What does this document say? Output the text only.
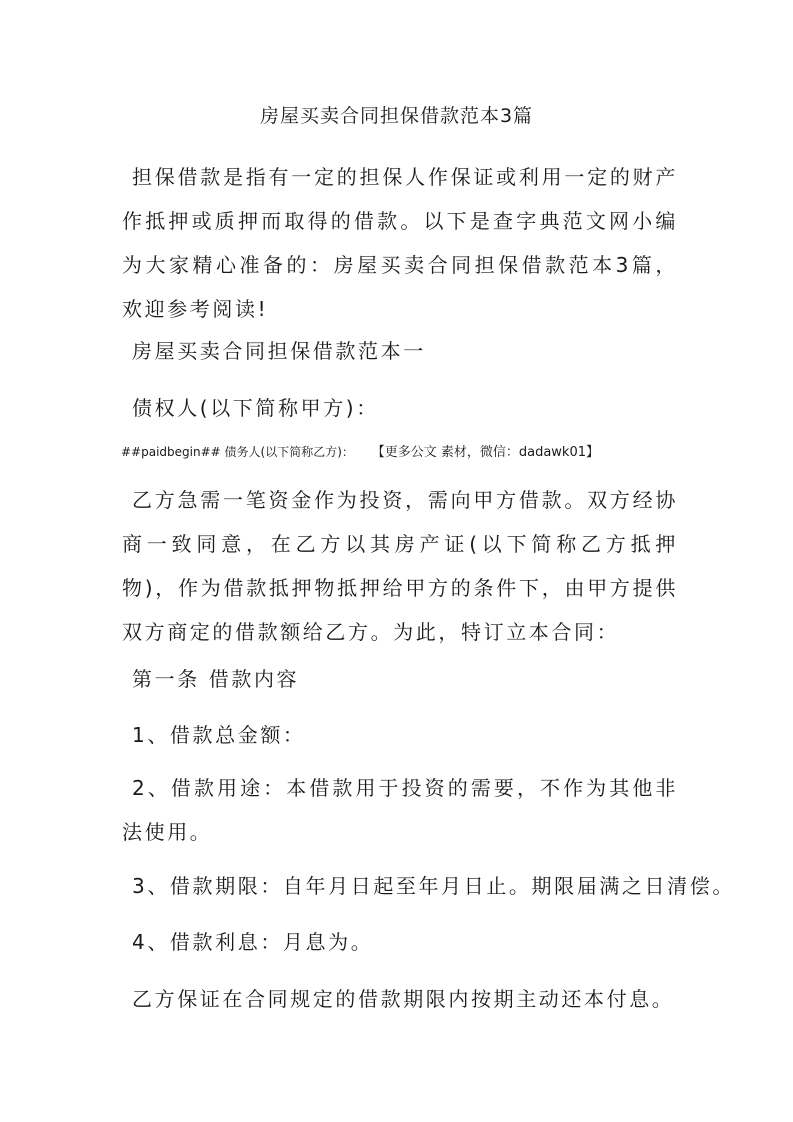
房屋买卖合同担保借款范本3篇

担保借款是指有一定的担保人作保证或利用一定的财产作抵押或质押而取得的借款。以下是查字典范文网小编为大家精心准备的：房屋买卖合同担保借款范本3篇，欢迎参考阅读!

房屋买卖合同担保借款范本一
债权人(以下简称甲方)：
##paidbegin## 债务人(以下简称乙方)： 【更多公文 素材，微信：dadawk01】

乙方急需一笔资金作为投资，需向甲方借款。双方经协商一致同意，在乙方以其房产证(以下简称乙方抵押物)，作为借款抵押物抵押给甲方的条件下，由甲方提供双方商定的借款额给乙方。为此，特订立本合同：

第一条 借款内容
1、借款总金额：

2、借款用途：本借款用于投资的需要，不作为其他非法使用。

3、借款期限：自年月日起至年月日止。期限届满之日清偿。
4、借款利息：月息为。
乙方保证在合同规定的借款期限内按期主动还本付息。
